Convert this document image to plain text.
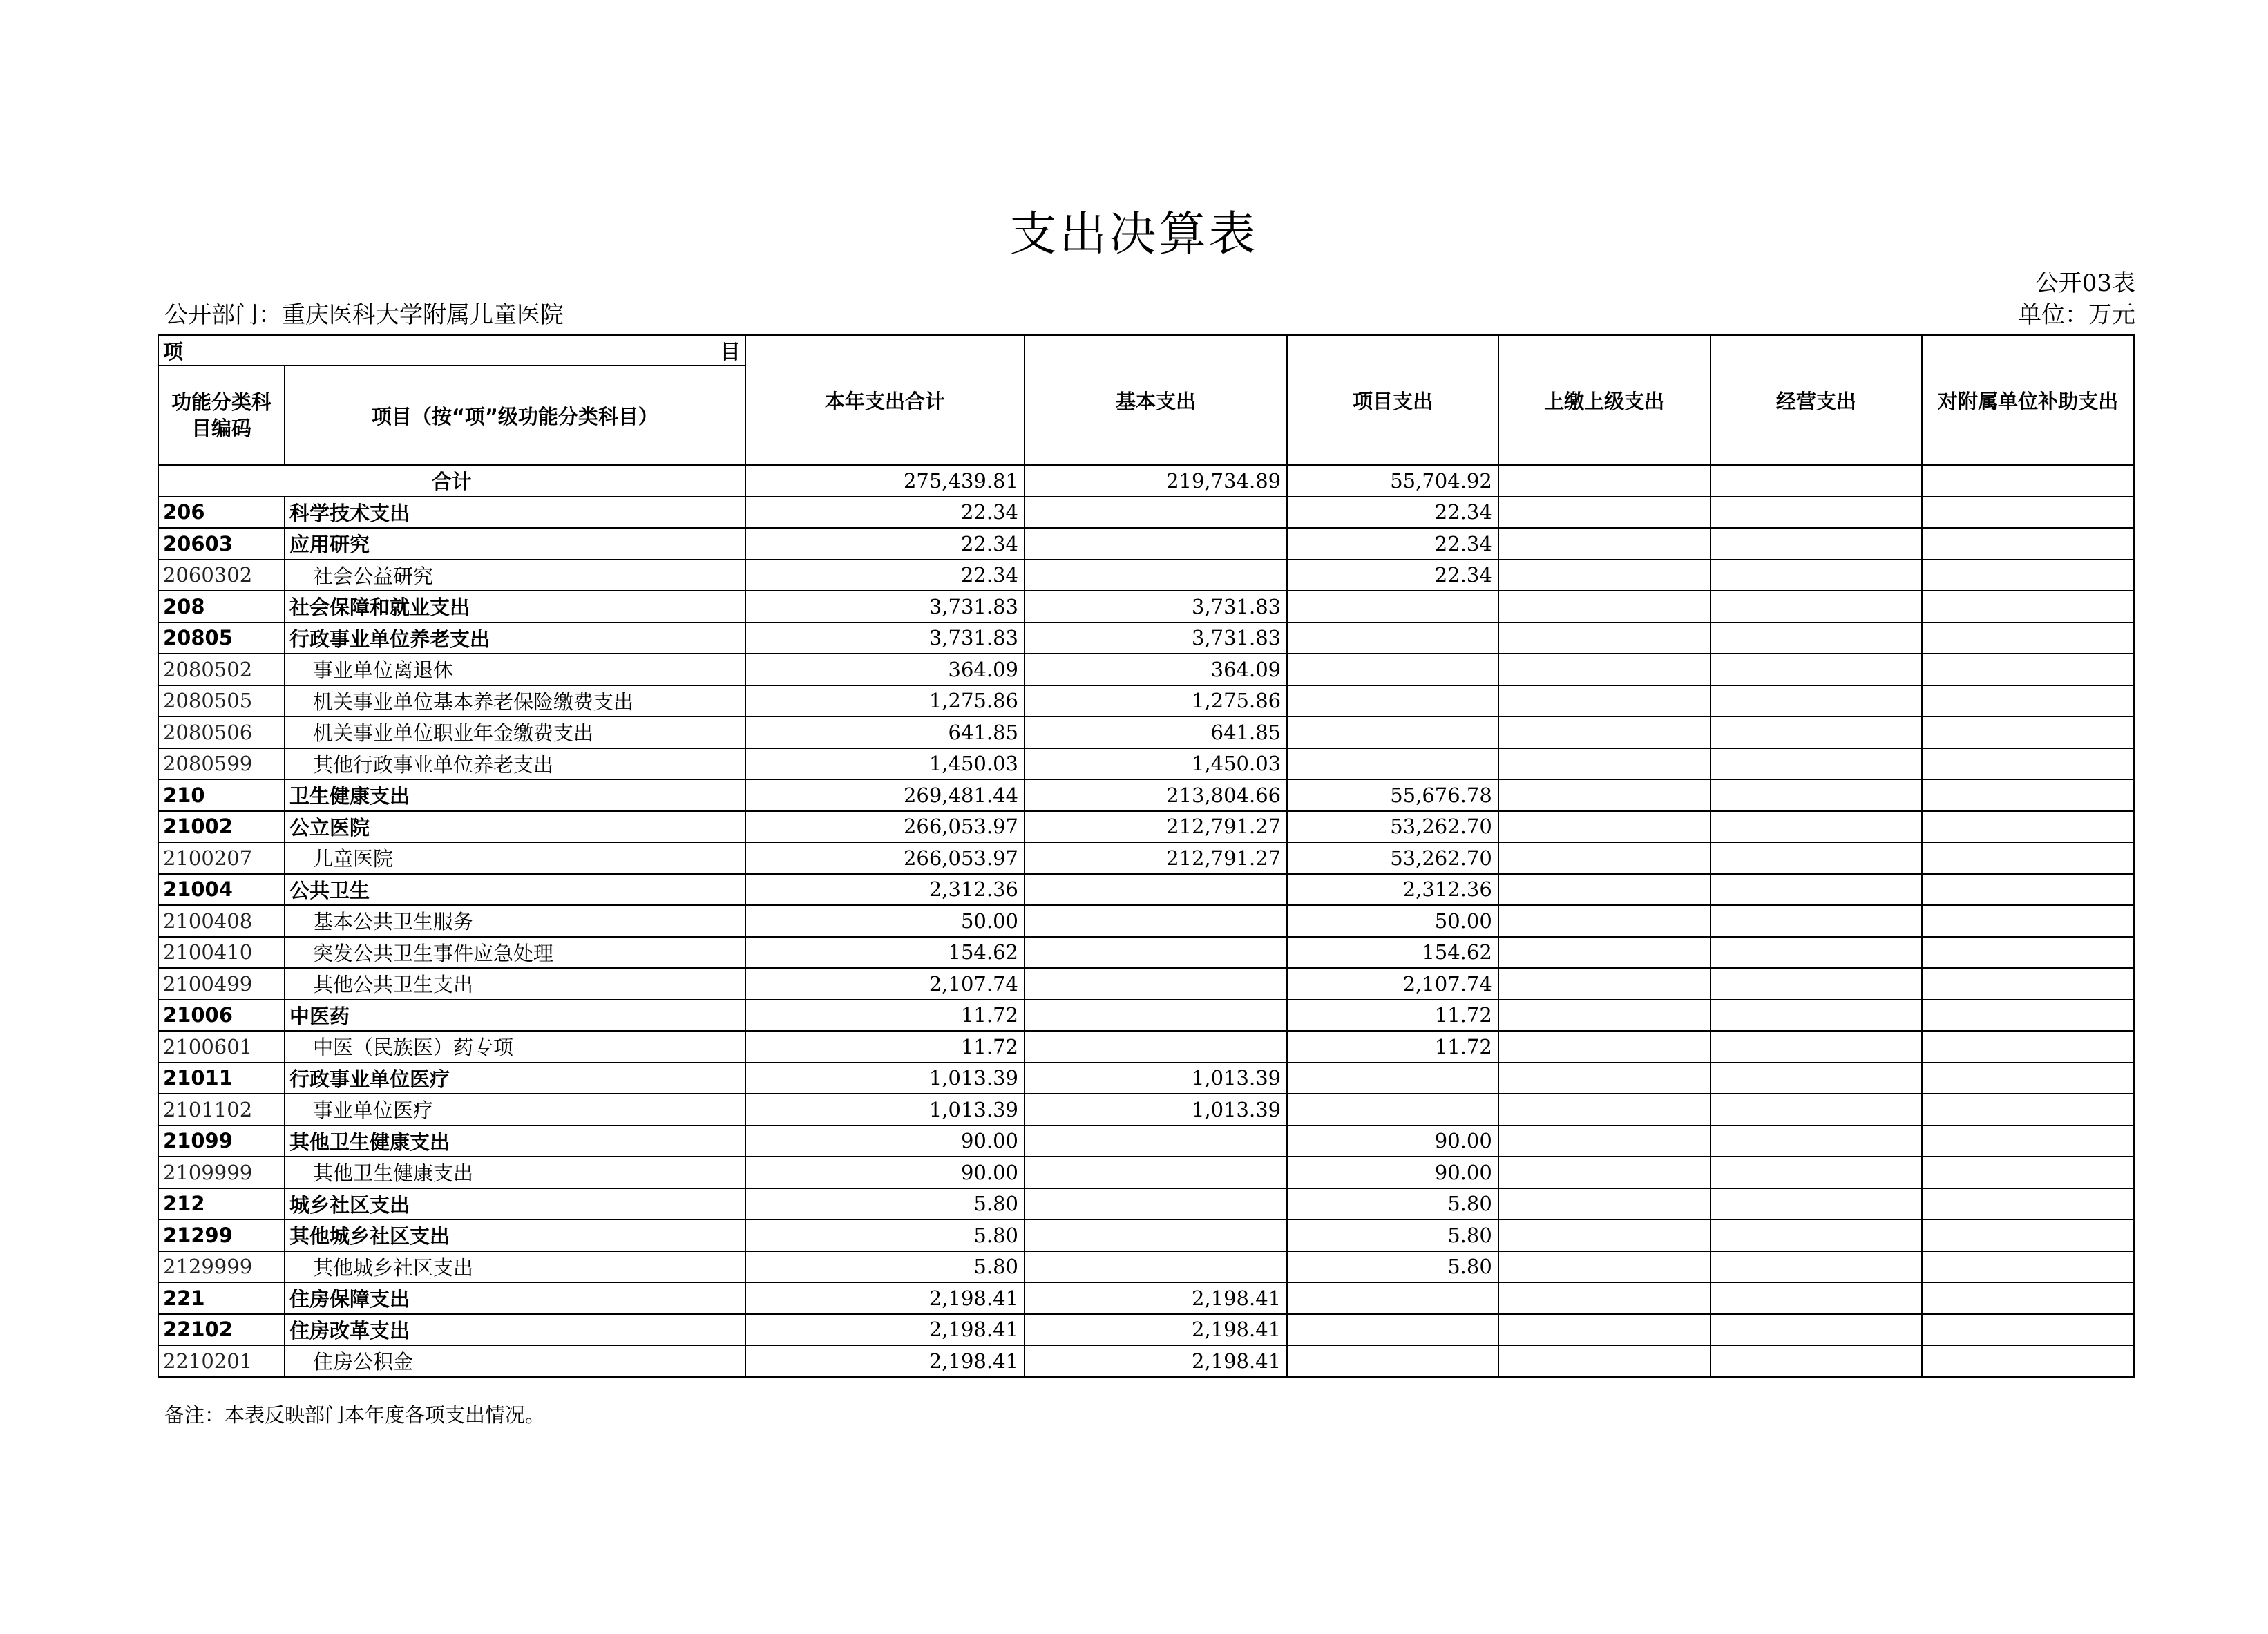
支出决算表
公开03表
公开部门：重庆医科大学附属儿童医院	单位：万元
项 目		本年支出合计	基本支出	项目支出	上缴上级支出	经营支出	对附属单位补助支出
功能分类科目编码	项目（按“项”级功能分类科目）						
合计		275,439.81	219,734.89	55,704.92			
206	科学技术支出	22.34		22.34			
20603	应用研究	22.34		22.34			
2060302	社会公益研究	22.34		22.34			
208	社会保障和就业支出	3,731.83	3,731.83				
20805	行政事业单位养老支出	3,731.83	3,731.83				
2080502	事业单位离退休	364.09	364.09				
2080505	机关事业单位基本养老保险缴费支出	1,275.86	1,275.86				
2080506	机关事业单位职业年金缴费支出	641.85	641.85				
2080599	其他行政事业单位养老支出	1,450.03	1,450.03				
210	卫生健康支出	269,481.44	213,804.66	55,676.78			
21002	公立医院	266,053.97	212,791.27	53,262.70			
2100207	儿童医院	266,053.97	212,791.27	53,262.70			
21004	公共卫生	2,312.36		2,312.36			
2100408	基本公共卫生服务	50.00		50.00			
2100410	突发公共卫生事件应急处理	154.62		154.62			
2100499	其他公共卫生支出	2,107.74		2,107.74			
21006	中医药	11.72		11.72			
2100601	中医（民族医）药专项	11.72		11.72			
21011	行政事业单位医疗	1,013.39	1,013.39				
2101102	事业单位医疗	1,013.39	1,013.39				
21099	其他卫生健康支出	90.00		90.00			
2109999	其他卫生健康支出	90.00		90.00			
212	城乡社区支出	5.80		5.80			
21299	其他城乡社区支出	5.80		5.80			
2129999	其他城乡社区支出	5.80		5.80			
221	住房保障支出	2,198.41	2,198.41				
22102	住房改革支出	2,198.41	2,198.41				
2210201	住房公积金	2,198.41	2,198.41				
备注：本表反映部门本年度各项支出情况。
